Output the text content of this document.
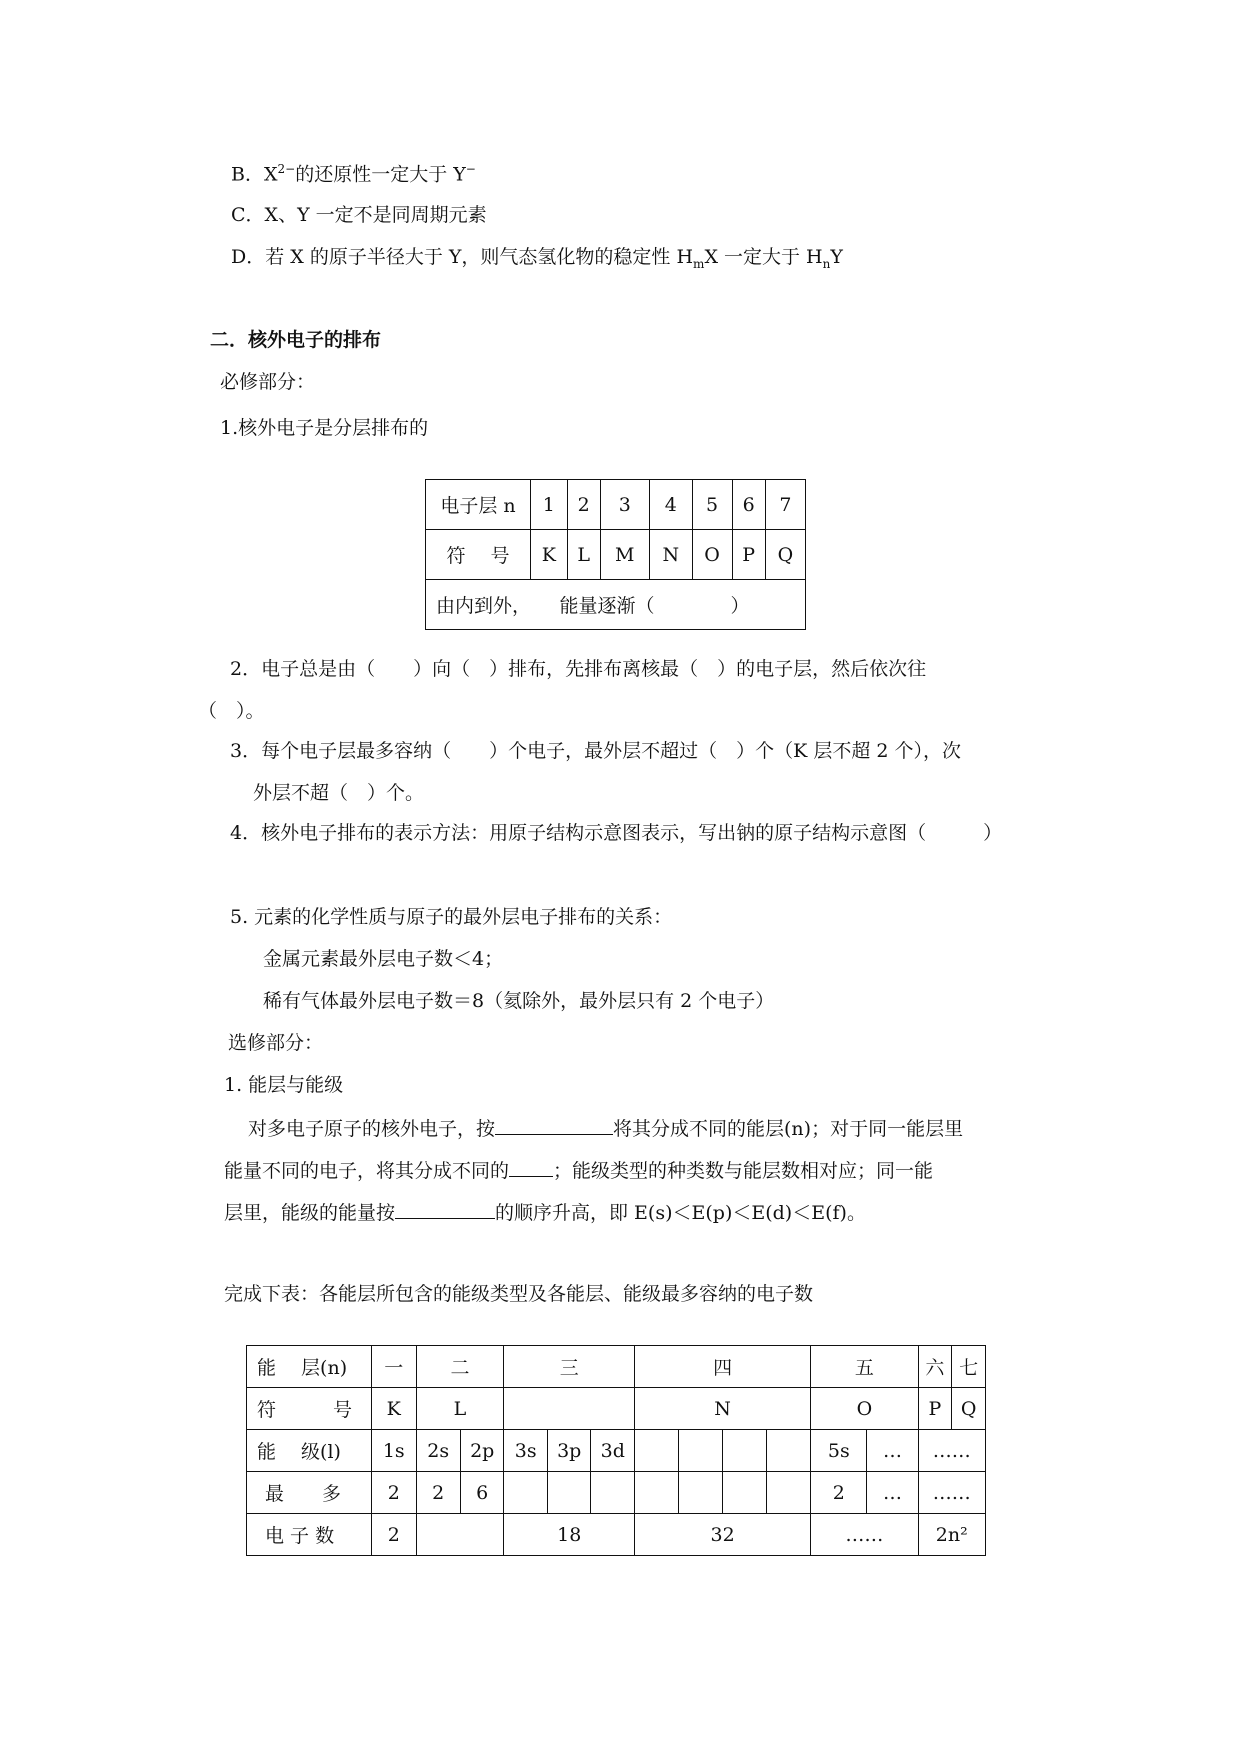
B．$X^{2-}$的还原性一定大于 Y−
C．X、Y 一定不是同周期元素
D．若 X 的原子半径大于 Y，则气态氢化物的稳定性 $H_mX$ 一定大于 $H_nY$
二．核外电子的排布
必修部分：
1.核外电子是分层排布的
电子层 n	1	2	3	4	5	6	7
符　 号	K	L	M	N	O	P	Q
由内到外，　　能量逐渐（　　　　）							
2．电子总是由（　　）向（　）排布，先排布离核最（　）的电子层，然后依次往
（　）。
3．每个电子层最多容纳（　　）个电子，最外层不超过（　）个（K 层不超 2 个），次
外层不超（　）个。
4．核外电子排布的表示方法：用原子结构示意图表示，写出钠的原子结构示意图（　　　）
5. 元素的化学性质与原子的最外层电子排布的关系：
金属元素最外层电子数＜4；
稀有气体最外层电子数＝8（氦除外，最外层只有 2 个电子）
选修部分：
1. 能层与能级
对多电子原子的核外电子，按	将其分成不同的能层(n)；对于同一能层里
能量不同的电子，将其分成不同的 ；能级类型的种类数与能层数相对应；同一能
层里，能级的能量按	的顺序升高，即 E(s)＜E(p)＜E(d)＜E(f)。
完成下表：各能层所包含的能级类型及各能层、能级最多容纳的电子数
能　 层(n)	一	二		三			四				五		六	七
符　　　号	K	L					N				O		P	Q
能　 级(l)	1s	2s	2p	3s	3p	3d					5s	…	……	
最　　多	2	2	6								2	…	……	
电 子 数	2			18			32				……		2n²	
